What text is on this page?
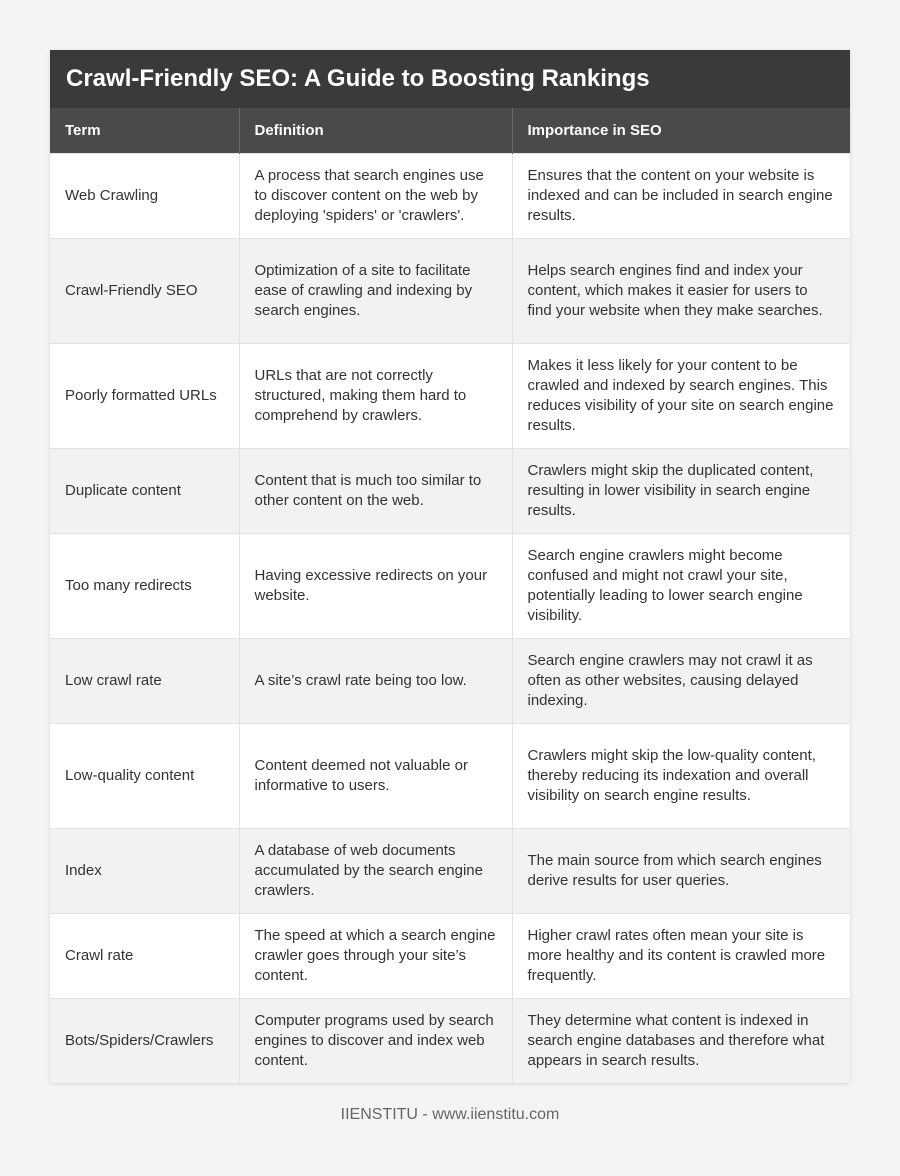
Crawl-Friendly SEO: A Guide to Boosting Rankings
Term	Definition	Importance in SEO
Web Crawling	A process that search engines use to discover content on the web by deploying 'spiders' or 'crawlers'.	Ensures that the content on your website is indexed and can be included in search engine results.
Crawl-Friendly SEO	Optimization of a site to facilitate ease of crawling and indexing by search engines.	Helps search engines find and index your content, which makes it easier for users to find your website when they make searches.
Poorly formatted URLs	URLs that are not correctly structured, making them hard to comprehend by crawlers.	Makes it less likely for your content to be crawled and indexed by search engines. This reduces visibility of your site on search engine results.
Duplicate content	Content that is much too similar to other content on the web.	Crawlers might skip the duplicated content, resulting in lower visibility in search engine results.
Too many redirects	Having excessive redirects on your website.	Search engine crawlers might become confused and might not crawl your site, potentially leading to lower search engine visibility.
Low crawl rate	A site’s crawl rate being too low.	Search engine crawlers may not crawl it as often as other websites, causing delayed indexing.
Low-quality content	Content deemed not valuable or informative to users.	Crawlers might skip the low-quality content, thereby reducing its indexation and overall visibility on search engine results.
Index	A database of web documents accumulated by the search engine crawlers.	The main source from which search engines derive results for user queries.
Crawl rate	The speed at which a search engine crawler goes through your site’s content.	Higher crawl rates often mean your site is more healthy and its content is crawled more frequently.
Bots/Spiders/Crawlers	Computer programs used by search engines to discover and index web content.	They determine what content is indexed in search engine databases and therefore what appears in search results.
IIENSTITU - www.iienstitu.com
